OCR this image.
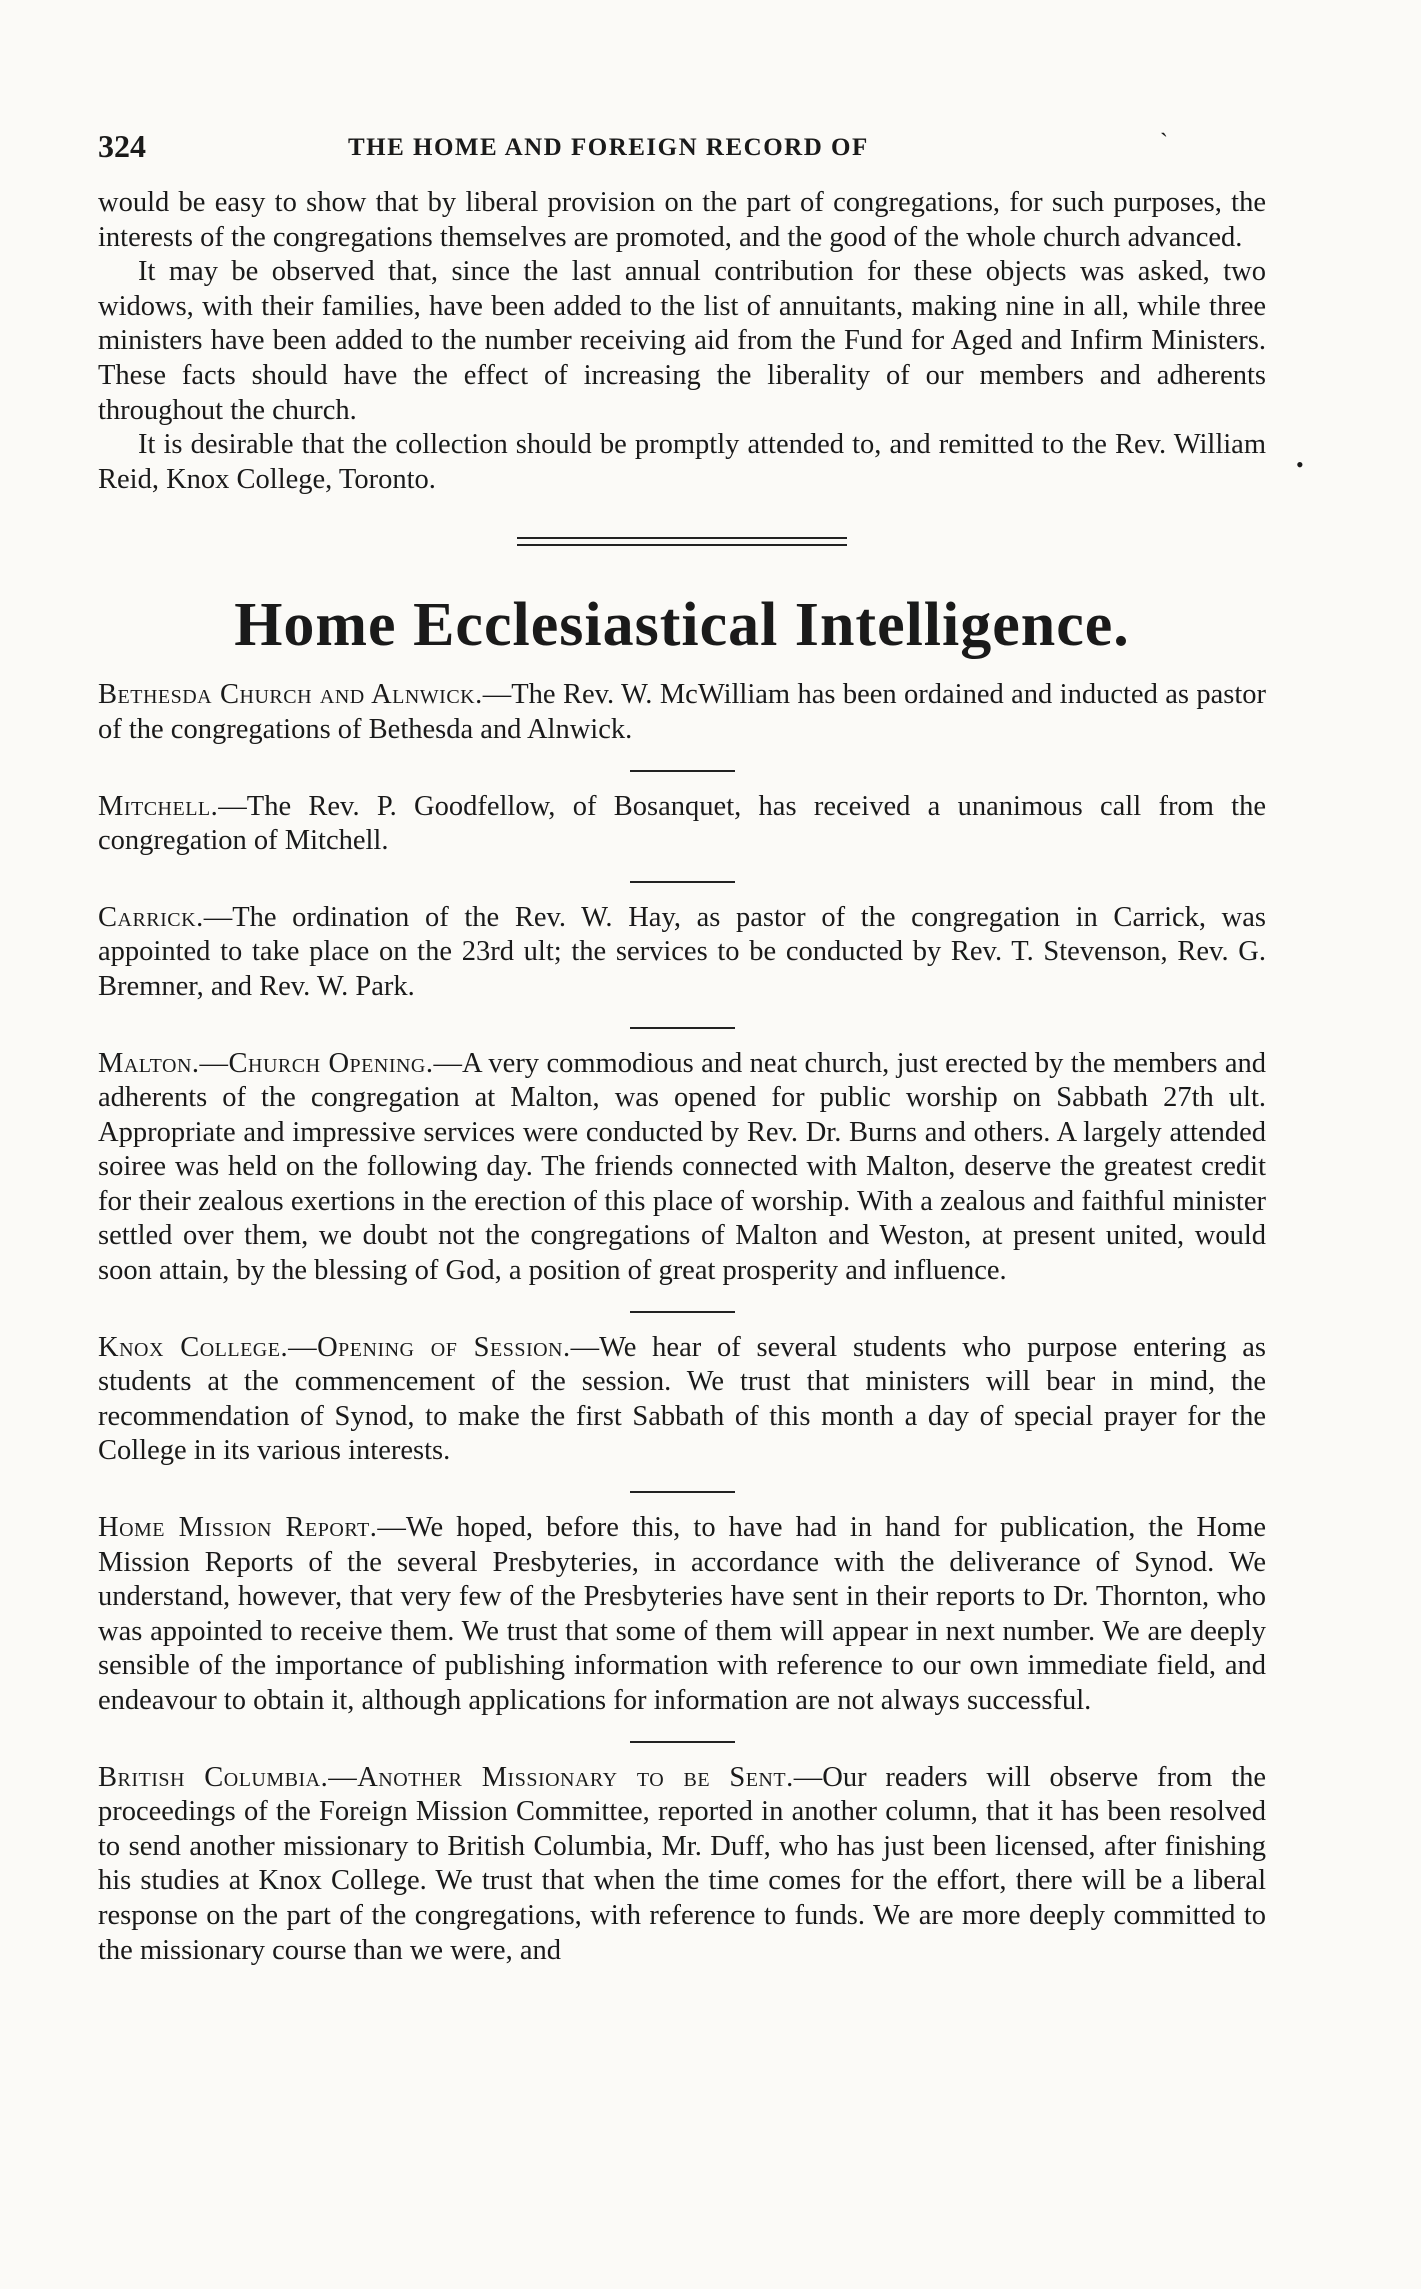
324	THE HOME AND FOREIGN RECORD OF	`
•

would be easy to show that by liberal provision on the part of congregations, for such purposes, the interests of the congregations themselves are promoted, and the good of the whole church advanced.

It may be observed that, since the last annual contribution for these objects was asked, two widows, with their families, have been added to the list of annuitants, making nine in all, while three ministers have been added to the number receiving aid from the Fund for Aged and Infirm Ministers. These facts should have the effect of increasing the liberality of our members and adherents throughout the church.

It is desirable that the collection should be promptly attended to, and remitted to the Rev. William Reid, Knox College, Toronto.

Home Ecclesiastical Intelligence.

Bethesda Church and Alnwick.—The Rev. W. McWilliam has been ordained and inducted as pastor of the congregations of Bethesda and Alnwick.

Mitchell.—The Rev. P. Goodfellow, of Bosanquet, has received a unanimous call from the congregation of Mitchell.

Carrick.—The ordination of the Rev. W. Hay, as pastor of the congregation in Carrick, was appointed to take place on the 23rd ult; the services to be conducted by Rev. T. Stevenson, Rev. G. Bremner, and Rev. W. Park.

Malton.—Church Opening.—A very commodious and neat church, just erected by the members and adherents of the congregation at Malton, was opened for public worship on Sabbath 27th ult. Appropriate and impressive services were conducted by Rev. Dr. Burns and others. A largely attended soiree was held on the following day. The friends connected with Malton, deserve the greatest credit for their zealous exertions in the erection of this place of worship. With a zealous and faithful minister settled over them, we doubt not the congregations of Malton and Weston, at present united, would soon attain, by the blessing of God, a position of great prosperity and influence.

Knox College.—Opening of Session.—We hear of several students who purpose entering as students at the commencement of the session. We trust that ministers will bear in mind, the recommendation of Synod, to make the first Sabbath of this month a day of special prayer for the College in its various interests.

Home Mission Report.—We hoped, before this, to have had in hand for publication, the Home Mission Reports of the several Presbyteries, in accordance with the deliverance of Synod. We understand, however, that very few of the Presbyteries have sent in their reports to Dr. Thornton, who was appointed to receive them. We trust that some of them will appear in next number. We are deeply sensible of the importance of publishing information with reference to our own immediate field, and endeavour to obtain it, although applications for information are not always successful.

British Columbia.—Another Missionary to be Sent.—Our readers will observe from the proceedings of the Foreign Mission Committee, reported in another column, that it has been resolved to send another missionary to British Columbia, Mr. Duff, who has just been licensed, after finishing his studies at Knox College. We trust that when the time comes for the effort, there will be a liberal response on the part of the congregations, with reference to funds. We are more deeply committed to the missionary course than we were, and
